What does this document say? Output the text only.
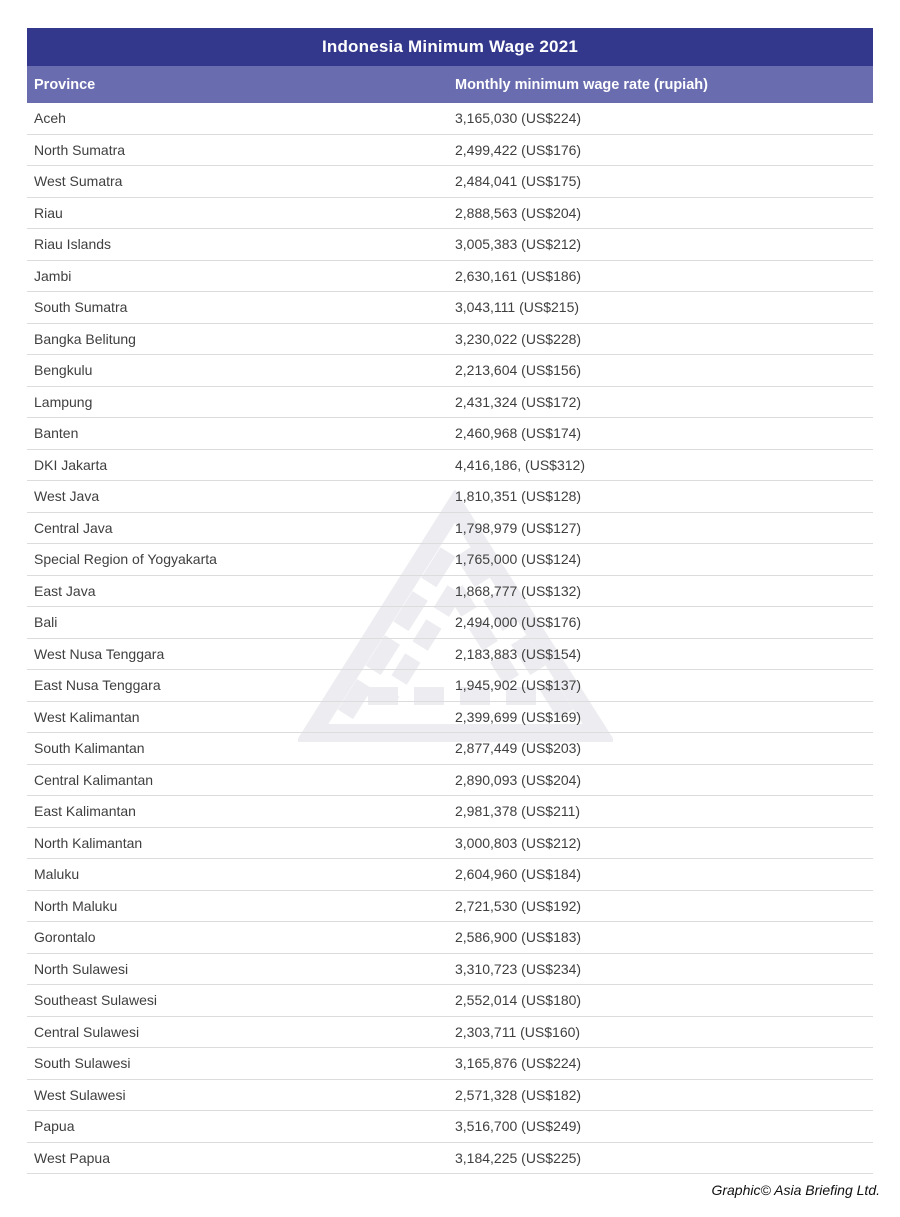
Indonesia Minimum Wage 2021
Province	Monthly minimum wage rate (rupiah)
Aceh	3,165,030 (US$224)
North Sumatra	2,499,422 (US$176)
West Sumatra	2,484,041 (US$175)
Riau	2,888,563 (US$204)
Riau Islands	3,005,383 (US$212)
Jambi	2,630,161 (US$186)
South Sumatra	3,043,111 (US$215)
Bangka Belitung	3,230,022 (US$228)
Bengkulu	2,213,604 (US$156)
Lampung	2,431,324 (US$172)
Banten	2,460,968 (US$174)
DKI Jakarta	4,416,186, (US$312)
West Java	1,810,351 (US$128)
Central Java	1,798,979 (US$127)
Special Region of Yogyakarta	1,765,000 (US$124)
East Java	1,868,777 (US$132)
Bali	2,494,000 (US$176)
West Nusa Tenggara	2,183,883 (US$154)
East Nusa Tenggara	1,945,902 (US$137)
West Kalimantan	2,399,699 (US$169)
South Kalimantan	2,877,449 (US$203)
Central Kalimantan	2,890,093 (US$204)
East Kalimantan	2,981,378 (US$211)
North Kalimantan	3,000,803 (US$212)
Maluku	2,604,960 (US$184)
North Maluku	2,721,530 (US$192)
Gorontalo	2,586,900 (US$183)
North Sulawesi	3,310,723 (US$234)
Southeast Sulawesi	2,552,014 (US$180)
Central Sulawesi	2,303,711 (US$160)
South Sulawesi	3,165,876 (US$224)
West Sulawesi	2,571,328 (US$182)
Papua	3,516,700 (US$249)
West Papua	3,184,225 (US$225)
Graphic© Asia Briefing Ltd.
